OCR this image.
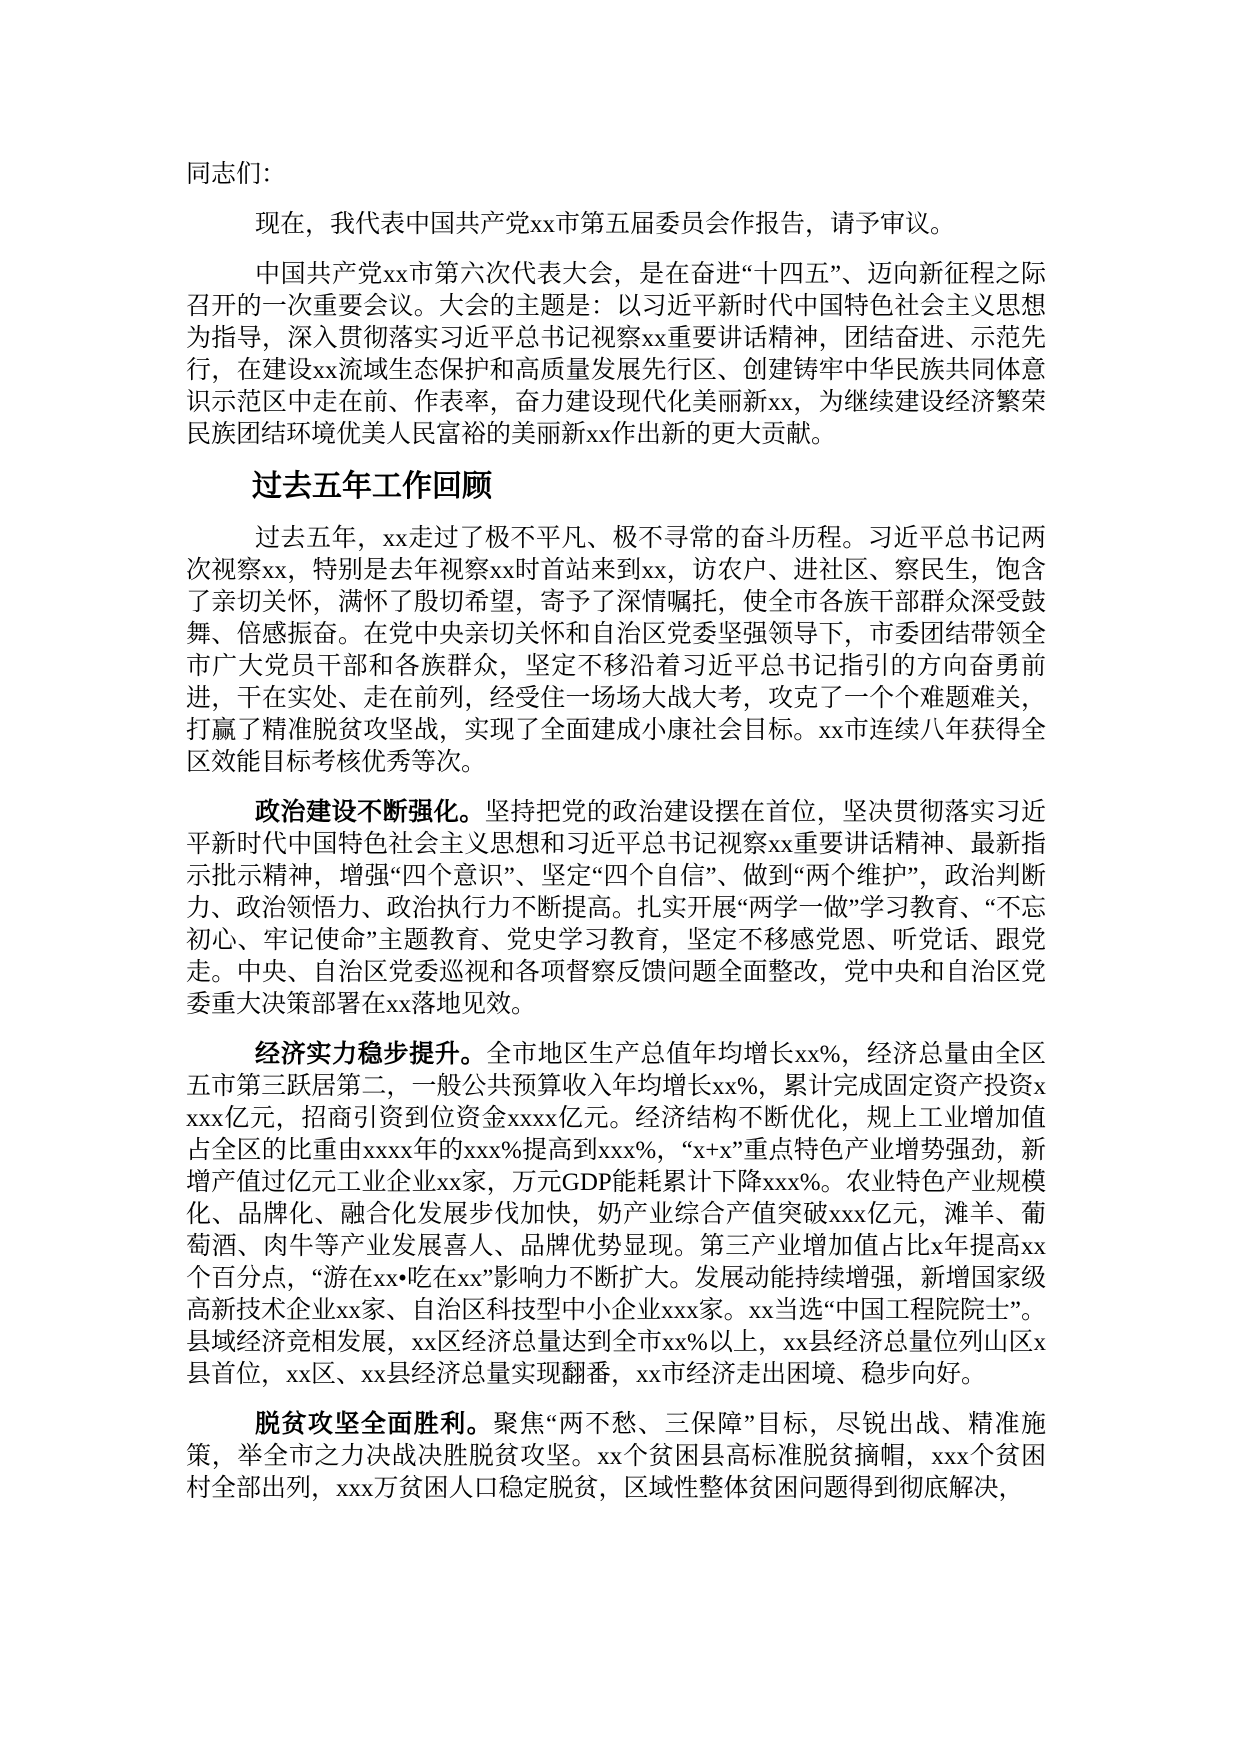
同志们：

现在，我代表中国共产党xx市第五届委员会作报告，请予审议。

中国共产党xx市第六次代表大会，是在奋进“十四五”、迈向新征程之际召开的一次重要会议。大会的主题是：以习近平新时代中国特色社会主义思想为指导，深入贯彻落实习近平总书记视察xx重要讲话精神，团结奋进、示范先行，在建设xx流域生态保护和高质量发展先行区、创建铸牢中华民族共同体意识示范区中走在前、作表率，奋力建设现代化美丽新xx，为继续建设经济繁荣民族团结环境优美人民富裕的美丽新xx作出新的更大贡献。

过去五年工作回顾

过去五年，xx走过了极不平凡、极不寻常的奋斗历程。习近平总书记两次视察xx，特别是去年视察xx时首站来到xx，访农户、进社区、察民生，饱含了亲切关怀，满怀了殷切希望，寄予了深情嘱托，使全市各族干部群众深受鼓舞、倍感振奋。在党中央亲切关怀和自治区党委坚强领导下，市委团结带领全市广大党员干部和各族群众，坚定不移沿着习近平总书记指引的方向奋勇前进，干在实处、走在前列，经受住一场场大战大考，攻克了一个个难题难关，打赢了精准脱贫攻坚战，实现了全面建成小康社会目标。xx市连续八年获得全区效能目标考核优秀等次。

政治建设不断强化。坚持把党的政治建设摆在首位，坚决贯彻落实习近平新时代中国特色社会主义思想和习近平总书记视察xx重要讲话精神、最新指示批示精神，增强“四个意识”、坚定“四个自信”、做到“两个维护”，政治判断力、政治领悟力、政治执行力不断提高。扎实开展“两学一做”学习教育、“不忘初心、牢记使命”主题教育、党史学习教育，坚定不移感党恩、听党话、跟党走。中央、自治区党委巡视和各项督察反馈问题全面整改，党中央和自治区党委重大决策部署在xx落地见效。

经济实力稳步提升。全市地区生产总值年均增长xx%，经济总量由全区五市第三跃居第二，一般公共预算收入年均增长xx%，累计完成固定资产投资xxxx亿元，招商引资到位资金xxxx亿元。经济结构不断优化，规上工业增加值占全区的比重由xxxx年的xxx%提高到xxx%，“x+x”重点特色产业增势强劲，新增产值过亿元工业企业xx家，万元GDP能耗累计下降xxx%。农业特色产业规模化、品牌化、融合化发展步伐加快，奶产业综合产值突破xxx亿元，滩羊、葡萄酒、肉牛等产业发展喜人、品牌优势显现。第三产业增加值占比x年提高xx个百分点，“游在xx•吃在xx”影响力不断扩大。发展动能持续增强，新增国家级高新技术企业xx家、自治区科技型中小企业xxx家。xx当选“中国工程院院士”。县域经济竞相发展，xx区经济总量达到全市xx%以上，xx县经济总量位列山区x县首位，xx区、xx县经济总量实现翻番，xx市经济走出困境、稳步向好。

脱贫攻坚全面胜利。聚焦“两不愁、三保障”目标，尽锐出战、精准施策，举全市之力决战决胜脱贫攻坚。xx个贫困县高标准脱贫摘帽，xxx个贫困村全部出列，xxx万贫困人口稳定脱贫，区域性整体贫困问题得到彻底解决，
